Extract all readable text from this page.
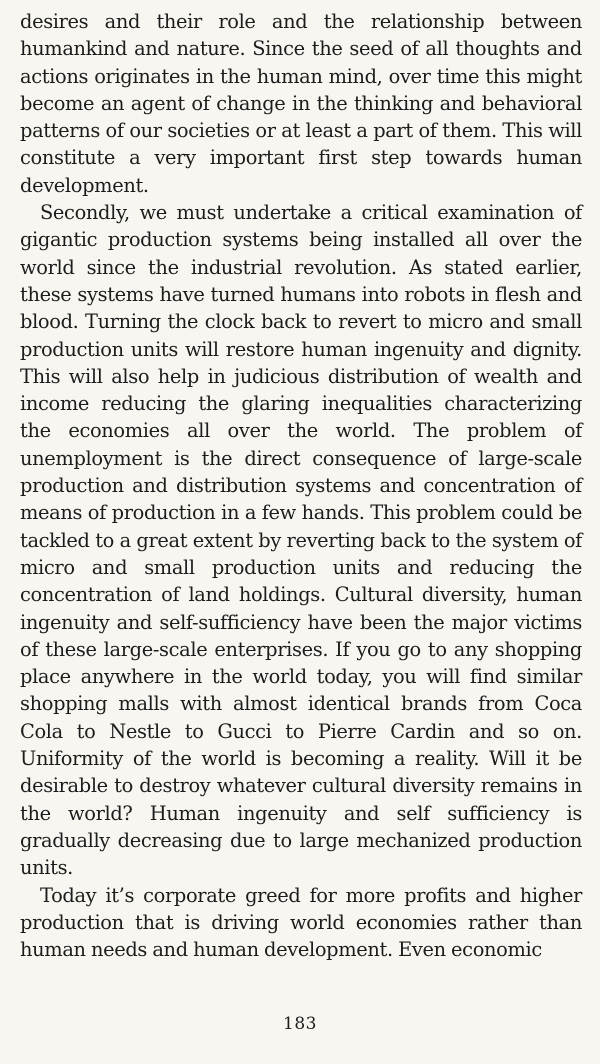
desires and their role and the relationship between humankind and nature. Since the seed of all thoughts and actions originates in the human mind, over time this might become an agent of change in the thinking and behavioral patterns of our societies or at least a part of them. This will constitute a very important first step towards human development.

Secondly, we must undertake a critical examination of gigantic production systems being installed all over the world since the industrial revolution. As stated earlier, these systems have turned humans into robots in flesh and blood. Turning the clock back to revert to micro and small production units will restore human ingenuity and dignity. This will also help in judicious distribution of wealth and income reducing the glaring inequalities characterizing the economies all over the world. The problem of unemployment is the direct consequence of large-scale production and distribution systems and concentration of means of production in a few hands. This problem could be tackled to a great extent by reverting back to the system of micro and small production units and reducing the concentration of land holdings. Cultural diversity, human ingenuity and self-sufficiency have been the major victims of these large-scale enterprises. If you go to any shopping place anywhere in the world today, you will find similar shopping malls with almost identical brands from Coca Cola to Nestle to Gucci to Pierre Cardin and so on. Uniformity of the world is becoming a reality. Will it be desirable to destroy whatever cultural diversity remains in the world? Human ingenuity and self sufficiency is gradually decreasing due to large mechanized production units.

Today it’s corporate greed for more profits and higher production that is driving world economies rather than human needs and human development. Even economic

183
